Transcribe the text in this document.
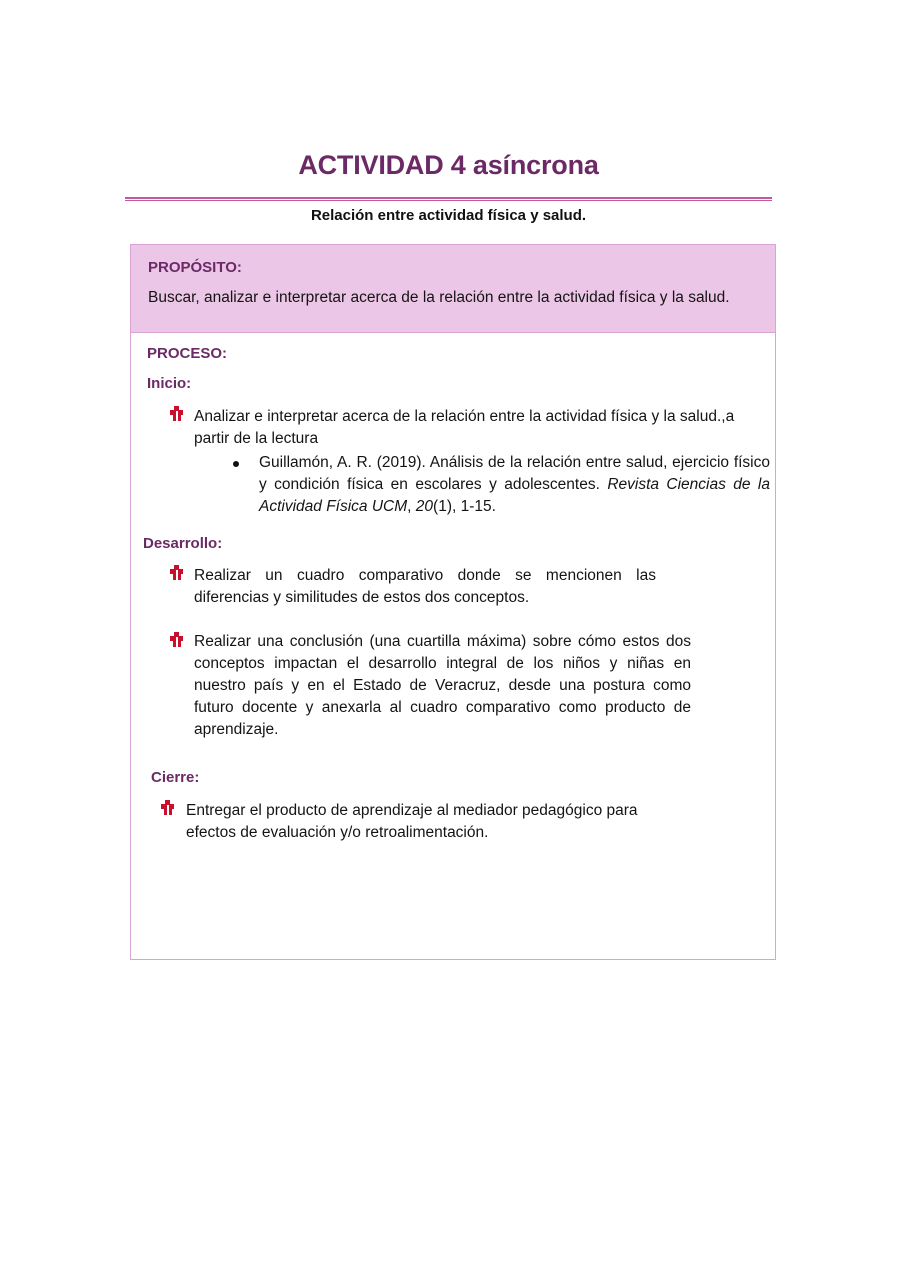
ACTIVIDAD 4 asíncrona
Relación entre actividad física y salud.
PROPÓSITO:
Buscar, analizar e interpretar acerca de la relación entre la actividad física y la salud.
PROCESO:
Inicio:
Analizar e interpretar acerca de la relación entre la actividad física y la salud.,a partir de la lectura
Guillamón, A. R. (2019). Análisis de la relación entre salud, ejercicio físico y condición física en escolares y adolescentes. Revista Ciencias de la Actividad Física UCM, 20(1), 1-15.
Desarrollo:
Realizar un cuadro comparativo donde se mencionen las diferencias y similitudes de estos dos conceptos.
Realizar una conclusión (una cuartilla máxima) sobre cómo estos dos conceptos impactan el desarrollo integral de los niños y niñas en nuestro país y en el Estado de Veracruz, desde una postura como futuro docente y anexarla al cuadro comparativo como producto de aprendizaje.
Cierre:
Entregar el producto de aprendizaje al mediador pedagógico para efectos de evaluación y/o retroalimentación.
